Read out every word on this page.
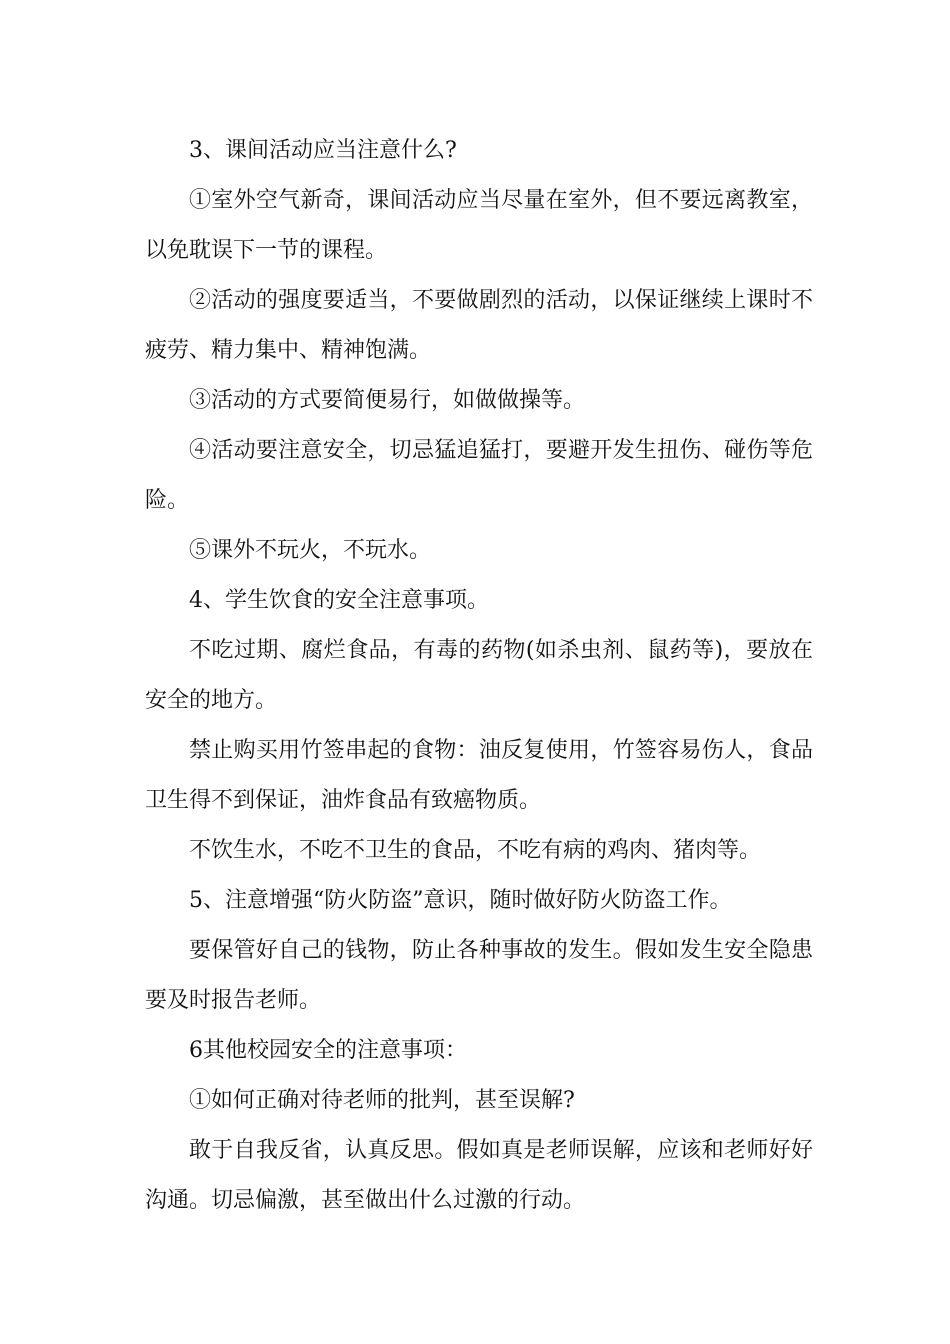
3、课间活动应当注意什么?

①室外空气新奇，课间活动应当尽量在室外，但不要远离教室，以免耽误下一节的课程。

②活动的强度要适当，不要做剧烈的活动，以保证继续上课时不疲劳、精力集中、精神饱满。

③活动的方式要简便易行，如做做操等。

④活动要注意安全，切忌猛追猛打，要避开发生扭伤、碰伤等危险。

⑤课外不玩火，不玩水。

4、学生饮食的安全注意事项。

不吃过期、腐烂食品，有毒的药物(如杀虫剂、鼠药等)，要放在安全的地方。

禁止购买用竹签串起的食物：油反复使用，竹签容易伤人，食品卫生得不到保证，油炸食品有致癌物质。

不饮生水，不吃不卫生的食品，不吃有病的鸡肉、猪肉等。

5、注意增强“防火防盗”意识，随时做好防火防盗工作。

要保管好自己的钱物，防止各种事故的发生。假如发生安全隐患要及时报告老师。

6其他校园安全的注意事项：

①如何正确对待老师的批判，甚至误解?

敢于自我反省，认真反思。假如真是老师误解，应该和老师好好沟通。切忌偏激，甚至做出什么过激的行动。
